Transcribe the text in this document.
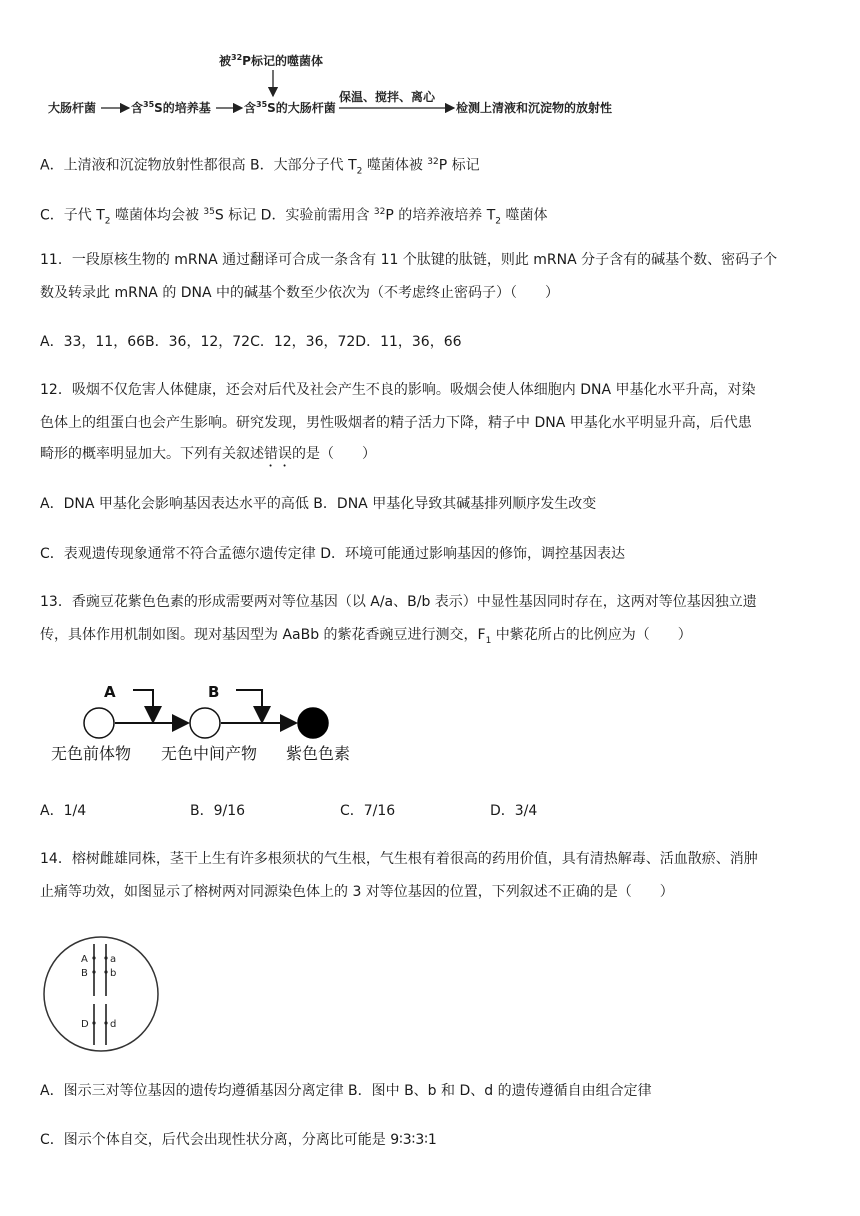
被$^{32}$P标记的噬菌体
大肠杆菌	含$^{35}$S的培养基	含$^{35}$S的大肠杆菌
保温、搅拌、离心
检测上清液和沉淀物的放射性
A．上清液和沉淀物放射性都很高 B．大部分子代 $T_2$ 噬菌体被 $^{32}$P 标记
C．子代 $T_2$ 噬菌体均会被 $^{35}$S 标记 D．实验前需用含 $^{32}$P 的培养液培养 $T_2$ 噬菌体
11．一段原核生物的 mRNA 通过翻译可合成一条含有 11 个肽键的肽链，则此 mRNA 分子含有的碱基个数、密码子个
数及转录此 mRNA 的 DNA 中的碱基个数至少依次为（不考虑终止密码子）（　　）
A．33，11，66B．36，12，72C．12，36，72D．11，36，66
12．吸烟不仅危害人体健康，还会对后代及社会产生不良的影响。吸烟会使人体细胞内 DNA 甲基化水平升高，对染
色体上的组蛋白也会产生影响。研究发现，男性吸烟者的精子活力下降，精子中 DNA 甲基化水平明显升高，后代患
畸形的概率明显加大。下列有关叙述错误的是（　　）
A．DNA 甲基化会影响基因表达水平的高低 B．DNA 甲基化导致其碱基排列顺序发生改变
C．表观遗传现象通常不符合孟德尔遗传定律 D．环境可能通过影响基因的修饰，调控基因表达
13．香豌豆花紫色色素的形成需要两对等位基因（以 A/a、B/b 表示）中显性基因同时存在，这两对等位基因独立遗
传，具体作用机制如图。现对基因型为 AaBb 的紫花香豌豆进行测交，$F_1$ 中紫花所占的比例应为（　　）
A	B
无色前体物 无色中间产物 紫色色素
A．1/4	B．9/16	C．7/16	D．3/4
14．榕树雌雄同株，茎干上生有许多根须状的气生根，气生根有着很高的药用价值，具有清热解毒、活血散瘀、消肿
止痛等功效，如图显示了榕树两对同源染色体上的 3 对等位基因的位置，下列叙述不正确的是（　　）
A a
B b
D d
A．图示三对等位基因的遗传均遵循基因分离定律 B．图中 B、b 和 D、d 的遗传遵循自由组合定律
C．图示个体自交，后代会出现性状分离，分离比可能是 9∶3∶3∶1
